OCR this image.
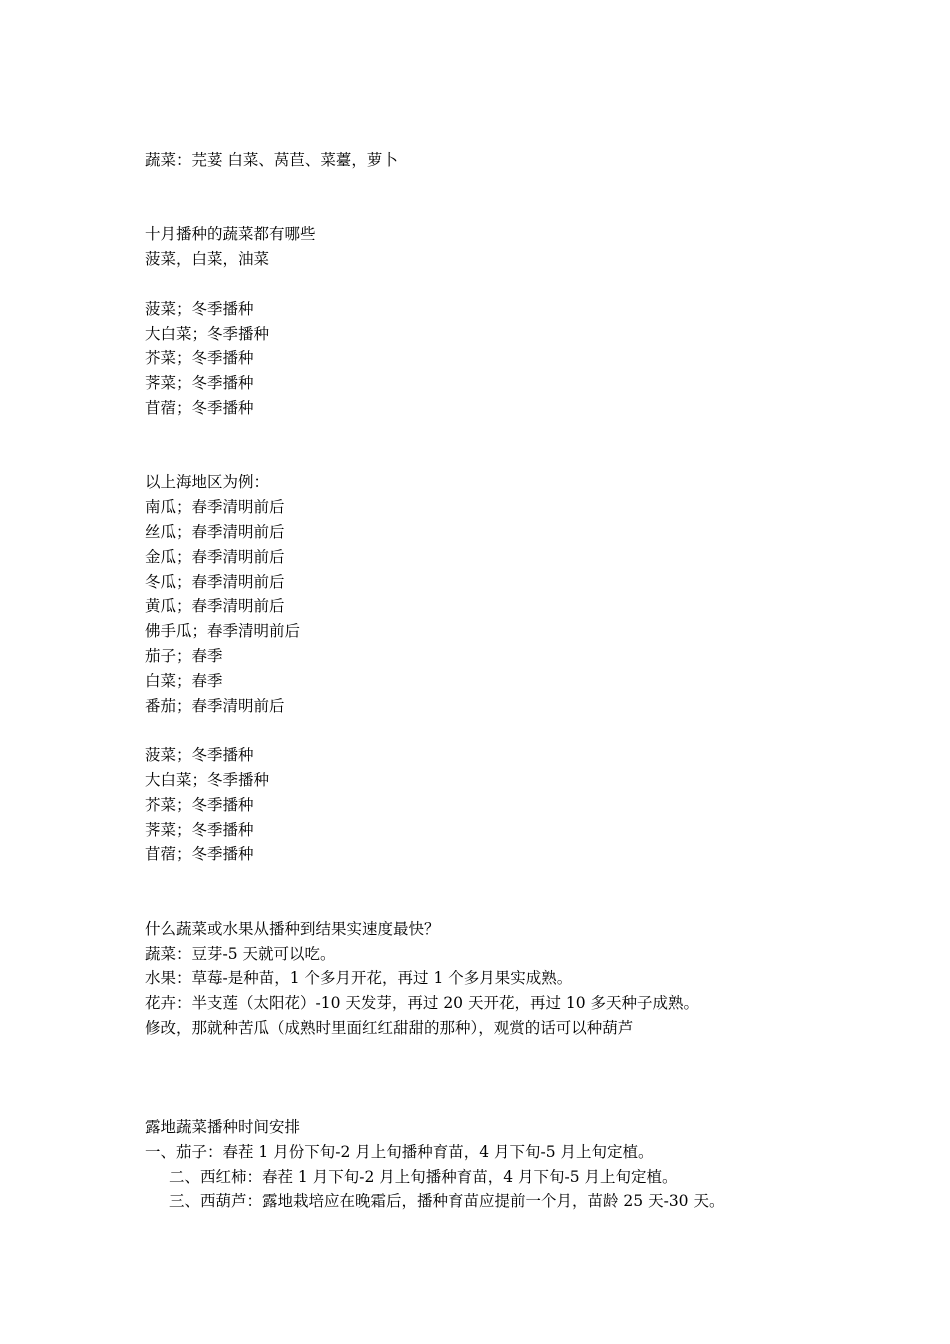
蔬菜：芫荽 白菜、莴苣、菜薹，萝卜
十月播种的蔬菜都有哪些
菠菜，白菜，油菜
菠菜；冬季播种
大白菜；冬季播种
芥菜；冬季播种
荠菜；冬季播种
苜蓿；冬季播种
以上海地区为例：
南瓜；春季清明前后
丝瓜；春季清明前后
金瓜；春季清明前后
冬瓜；春季清明前后
黄瓜；春季清明前后
佛手瓜；春季清明前后
茄子；春季
白菜；春季
番茄；春季清明前后
菠菜；冬季播种
大白菜；冬季播种
芥菜；冬季播种
荠菜；冬季播种
苜蓿；冬季播种
什么蔬菜或水果从播种到结果实速度最快？
蔬菜：豆芽-5 天就可以吃。
水果：草莓-是种苗，1 个多月开花，再过 1 个多月果实成熟。
花卉：半支莲（太阳花）-10 天发芽，再过 20 天开花，再过 10 多天种子成熟。
修改，那就种苦瓜（成熟时里面红红甜甜的那种），观赏的话可以种葫芦
露地蔬菜播种时间安排
一、茄子：春茬 1 月份下旬-2 月上旬播种育苗，4 月下旬-5 月上旬定植。
二、西红柿：春茬 1 月下旬-2 月上旬播种育苗，4 月下旬-5 月上旬定植。
三、西葫芦：露地栽培应在晚霜后，播种育苗应提前一个月，苗龄 25 天-30 天。
